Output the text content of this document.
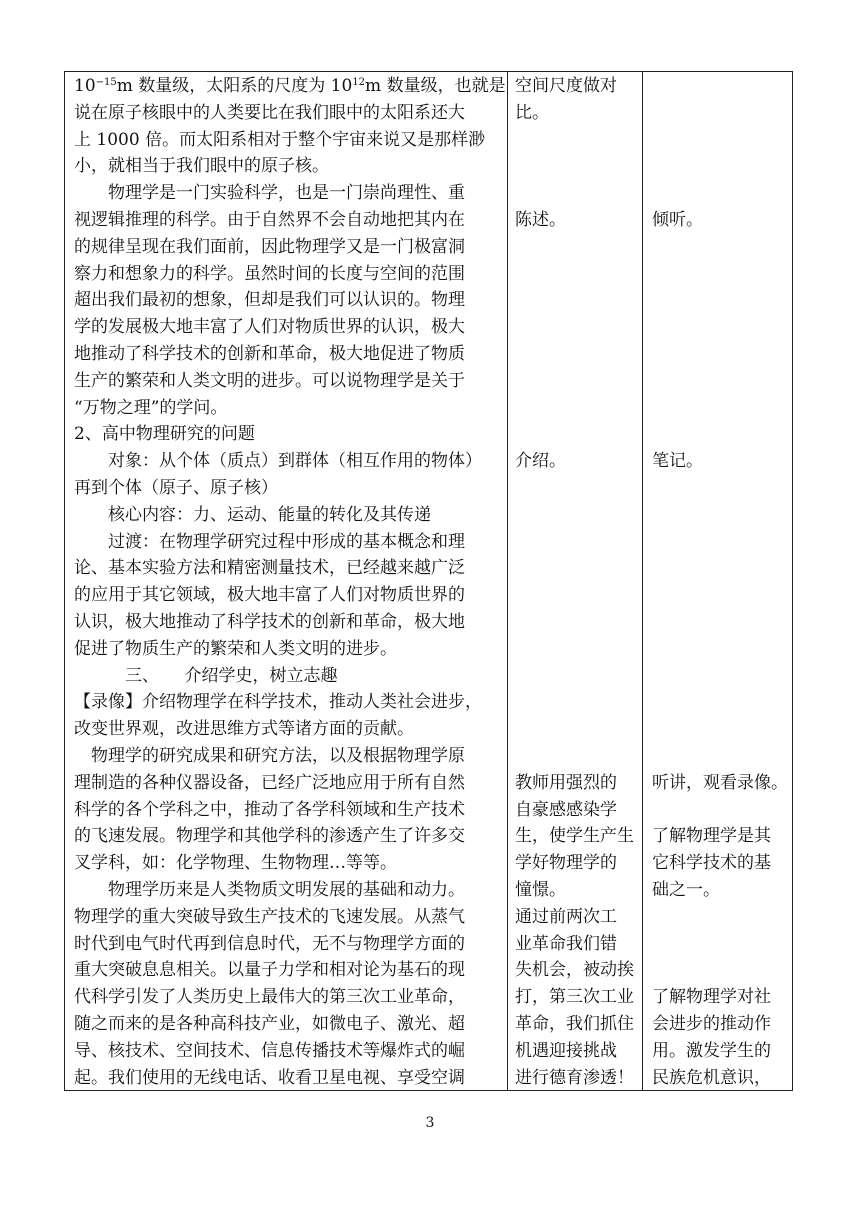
$10^{-15}m$ 数量级，太阳系的尺度为 $10^{12}m$ 数量级，也就是
说在原子核眼中的人类要比在我们眼中的太阳系还大
上 1000 倍。而太阳系相对于整个宇宙来说又是那样渺
小，就相当于我们眼中的原子核。
　　物理学是一门实验科学，也是一门崇尚理性、重
视逻辑推理的科学。由于自然界不会自动地把其内在
的规律呈现在我们面前，因此物理学又是一门极富洞
察力和想象力的科学。虽然时间的长度与空间的范围
超出我们最初的想象，但却是我们可以认识的。物理
学的发展极大地丰富了人们对物质世界的认识，极大
地推动了科学技术的创新和革命，极大地促进了物质
生产的繁荣和人类文明的进步。可以说物理学是关于
“万物之理”的学问。
2、高中物理研究的问题
　　对象：从个体（质点）到群体（相互作用的物体）
再到个体（原子、原子核）
　　核心内容：力、运动、能量的转化及其传递
　　过渡：在物理学研究过程中形成的基本概念和理
论、基本实验方法和精密测量技术，已经越来越广泛
的应用于其它领域，极大地丰富了人们对物质世界的
认识，极大地推动了科学技术的创新和革命，极大地
促进了物质生产的繁荣和人类文明的进步。
　　　三、　　介绍学史，树立志趣
【录像】介绍物理学在科学技术，推动人类社会进步，
改变世界观，改进思维方式等诸方面的贡献。
　物理学的研究成果和研究方法，以及根据物理学原
理制造的各种仪器设备，已经广泛地应用于所有自然
科学的各个学科之中，推动了各学科领域和生产技术
的飞速发展。物理学和其他学科的渗透产生了许多交
叉学科，如：化学物理、生物物理…等等。
　　物理学历来是人类物质文明发展的基础和动力。
物理学的重大突破导致生产技术的飞速发展。从蒸气
时代到电气时代再到信息时代，无不与物理学方面的
重大突破息息相关。以量子力学和相对论为基石的现
代科学引发了人类历史上最伟大的第三次工业革命，
随之而来的是各种高科技产业，如微电子、激光、超
导、核技术、空间技术、信息传播技术等爆炸式的崛
起。我们使用的无线电话、收看卫星电视、享受空调
空间尺度做对
比。
陈述。
介绍。
教师用强烈的
自豪感感染学
生，使学生产生
学好物理学的
憧憬。
通过前两次工
业革命我们错
失机会，被动挨
打，第三次工业
革命，我们抓住
机遇迎接挑战
进行德育渗透！
倾听。
笔记。
听讲，观看录像。
了解物理学是其
它科学技术的基
础之一。
了解物理学对社
会进步的推动作
用。激发学生的
民族危机意识，
3
